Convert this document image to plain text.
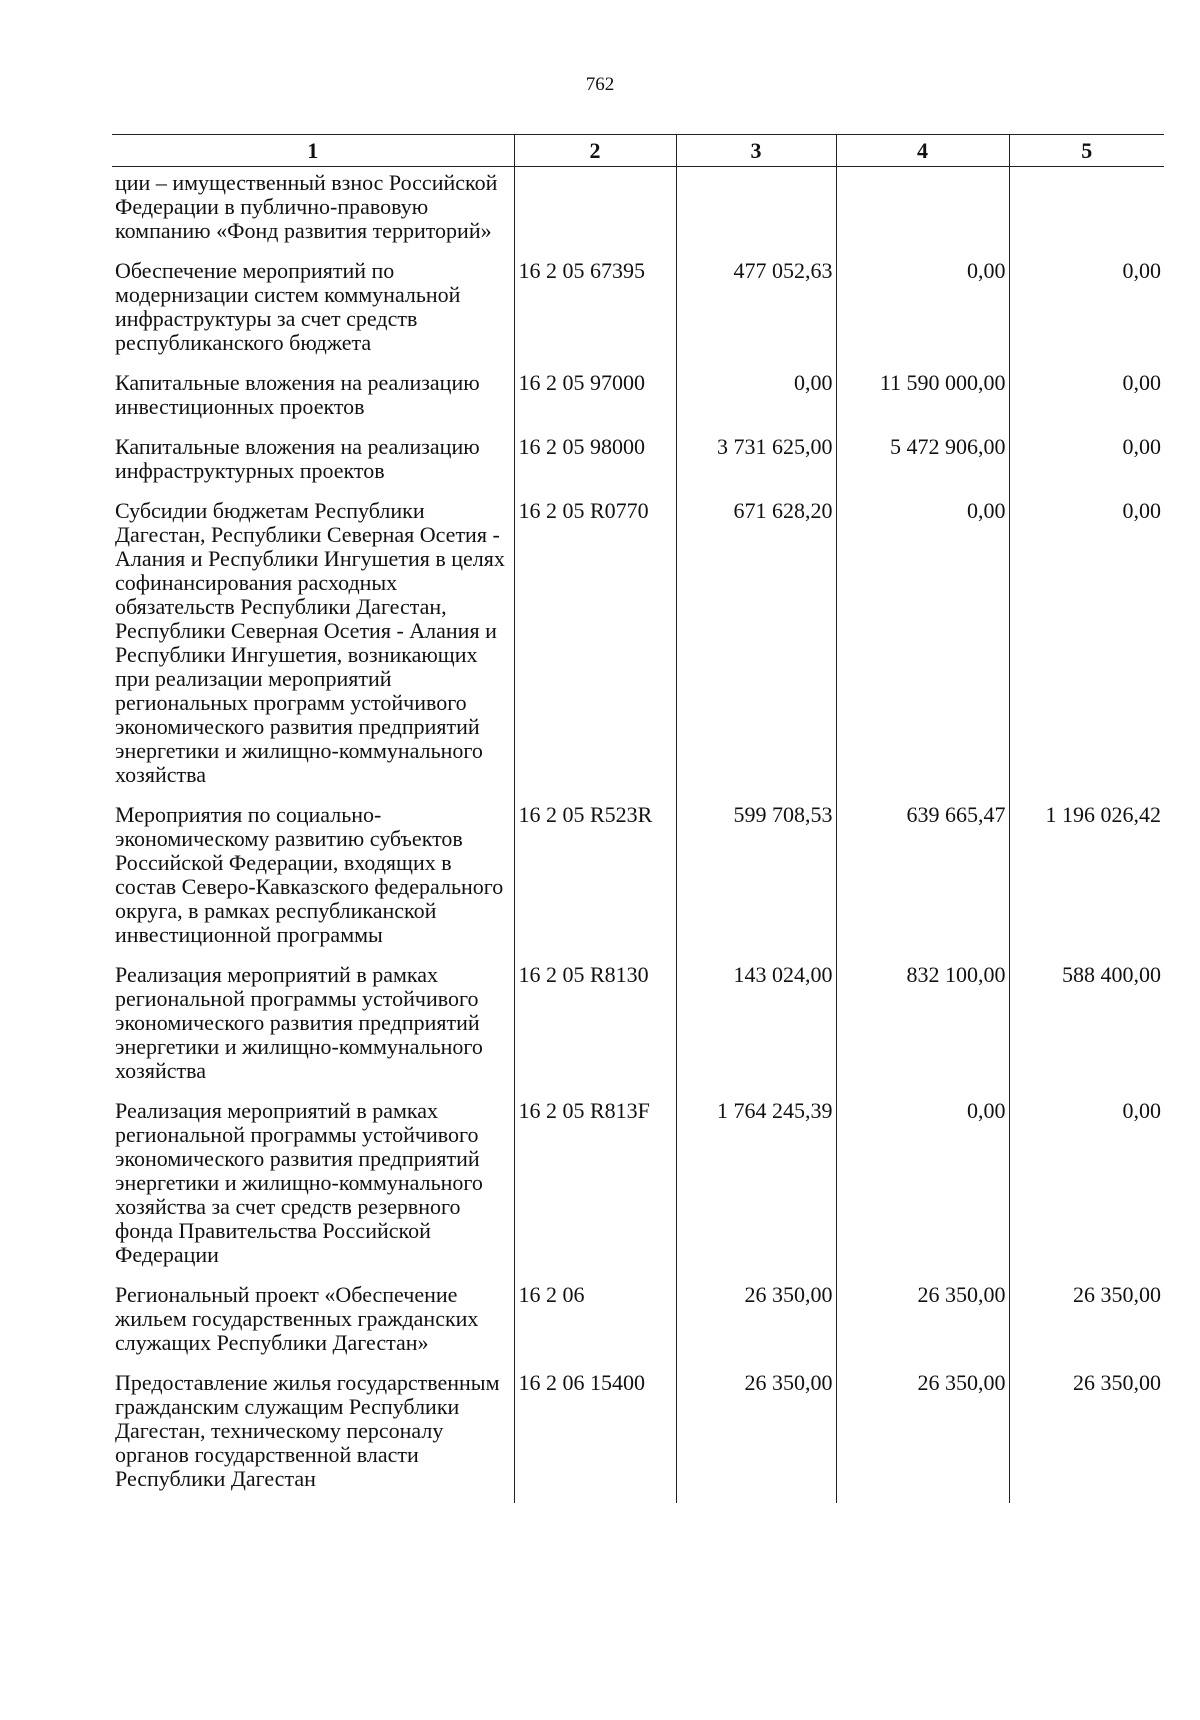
762
1	2	3	4	5
ции – имущественный взнос Российской Федерации в публично-правовую компанию «Фонд развития территорий»				
Обеспечение мероприятий по модернизации систем коммунальной инфраструктуры за счет средств республиканского бюджета	16 2 05 67395	477 052,63	0,00	0,00
Капитальные вложения на реализацию инвестиционных проектов	16 2 05 97000	0,00	11 590 000,00	0,00
Капитальные вложения на реализацию инфраструктурных проектов	16 2 05 98000	3 731 625,00	5 472 906,00	0,00
Субсидии бюджетам Республики Дагестан, Республики Северная Осетия - Алания и Республики Ингушетия в целях софинансирования расходных обязательств Республики Дагестан, Республики Северная Осетия - Алания и Республики Ингушетия, возникающих при реализации мероприятий региональных программ устойчивого экономического развития предприятий энергетики и жилищно-коммунального хозяйства	16 2 05 R0770	671 628,20	0,00	0,00
Мероприятия по социально-экономическому развитию субъектов Российской Федерации, входящих в состав Северо-Кавказского федерального округа, в рамках республиканской инвестиционной программы	16 2 05 R523R	599 708,53	639 665,47	1 196 026,42
Реализация мероприятий в рамках региональной программы устойчивого экономического развития предприятий энергетики и жилищно-коммунального хозяйства	16 2 05 R8130	143 024,00	832 100,00	588 400,00
Реализация мероприятий в рамках региональной программы устойчивого экономического развития предприятий энергетики и жилищно-коммунального хозяйства за счет средств резервного фонда Правительства Российской Федерации	16 2 05 R813F	1 764 245,39	0,00	0,00
Региональный проект «Обеспечение жильем государственных гражданских служащих Республики Дагестан»	16 2 06	26 350,00	26 350,00	26 350,00
Предоставление жилья государственным гражданским служащим Республики Дагестан, техническому персоналу органов государственной власти Республики Дагестан	16 2 06 15400	26 350,00	26 350,00	26 350,00
